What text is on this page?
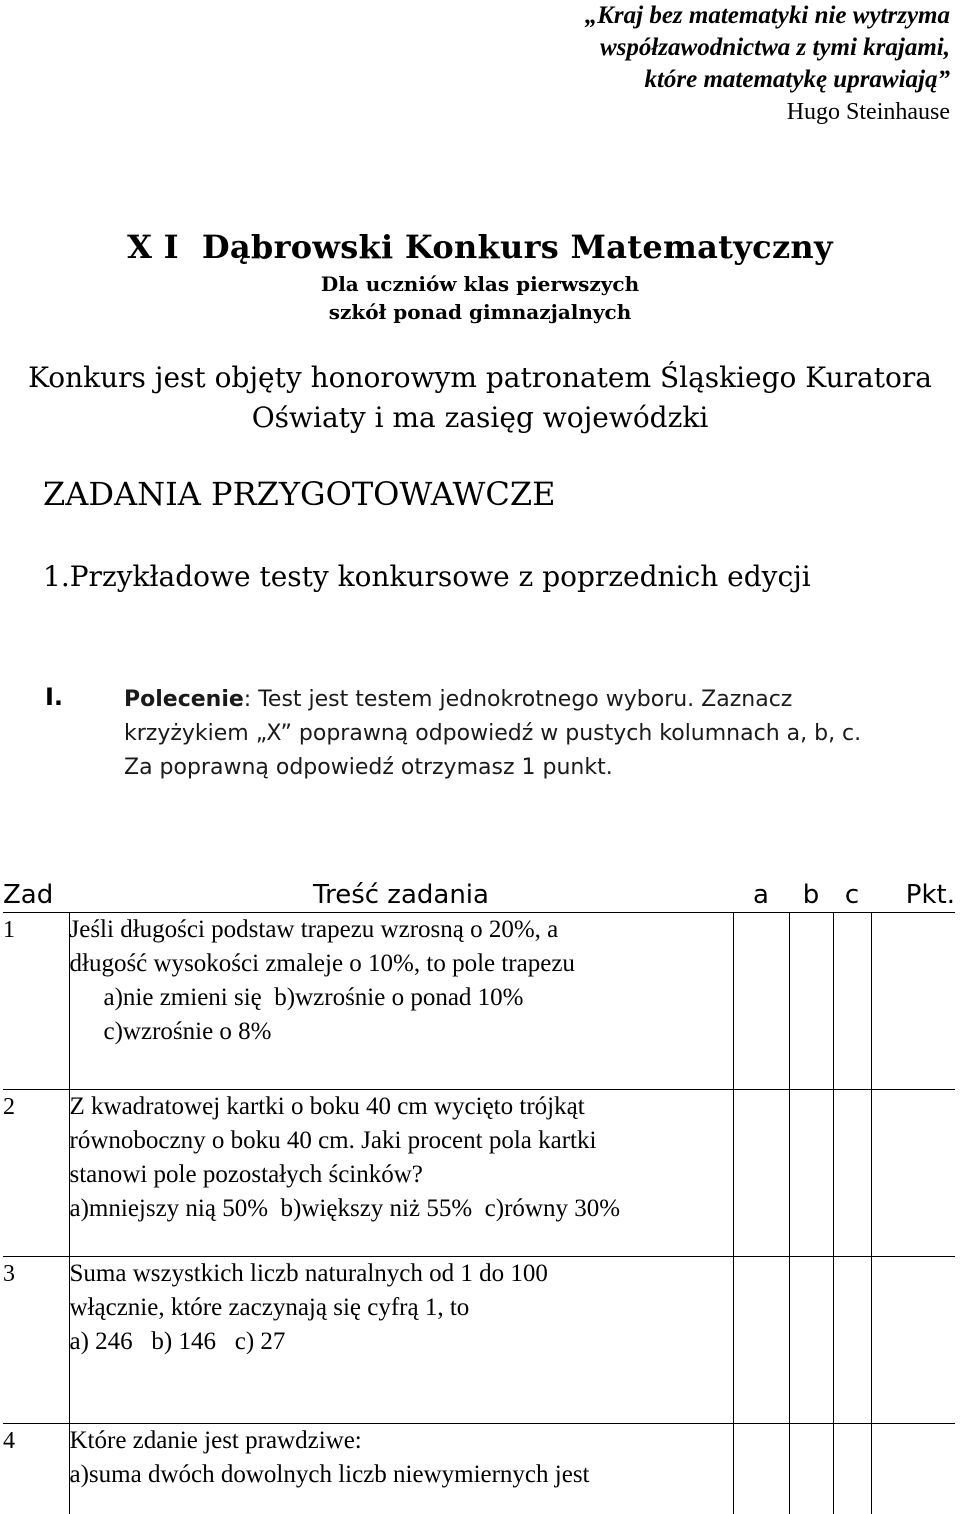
„Kraj bez matematyki nie wytrzyma
współzawodnictwa z tymi krajami,
które matematykę uprawiają”
Hugo Steinhause
X I  Dąbrowski Konkurs Matematyczny
Dla uczniów klas pierwszych
szkół ponad gimnazjalnych
Konkurs jest objęty honorowym patronatem Śląskiego Kuratora
Oświaty i ma zasięg wojewódzki
ZADANIA PRZYGOTOWAWCZE
1.Przykładowe testy konkursowe z poprzednich edycji
I.	Polecenie: Test jest testem jednokrotnego wyboru. Zaznacz
krzyżykiem „X” poprawną odpowiedź w pustych kolumnach a, b, c.
Za poprawną odpowiedź otrzymasz 1 punkt.
Zad	Treść zadania	a	b	c	Pkt.
1	Jeśli długości podstaw trapezu wzrosną o 20%, a
długość wysokości zmaleje o 10%, to pole trapezu
a)nie zmieni się  b)wzrośnie o ponad 10%
c)wzrośnie o 8%				

2	Z kwadratowej kartki o boku 40 cm wycięto trójkąt
równoboczny o boku 40 cm. Jaki procent pola kartki
stanowi pole pozostałych ścinków?
a)mniejszy nią 50%  b)większy niż 55%  c)równy 30%				

3	Suma wszystkich liczb naturalnych od 1 do 100
włącznie, które zaczynają się cyfrą 1, to
a) 246   b) 146   c) 27				

4	Które zdanie jest prawdziwe:
a)suma dwóch dowolnych liczb niewymiernych jest				
